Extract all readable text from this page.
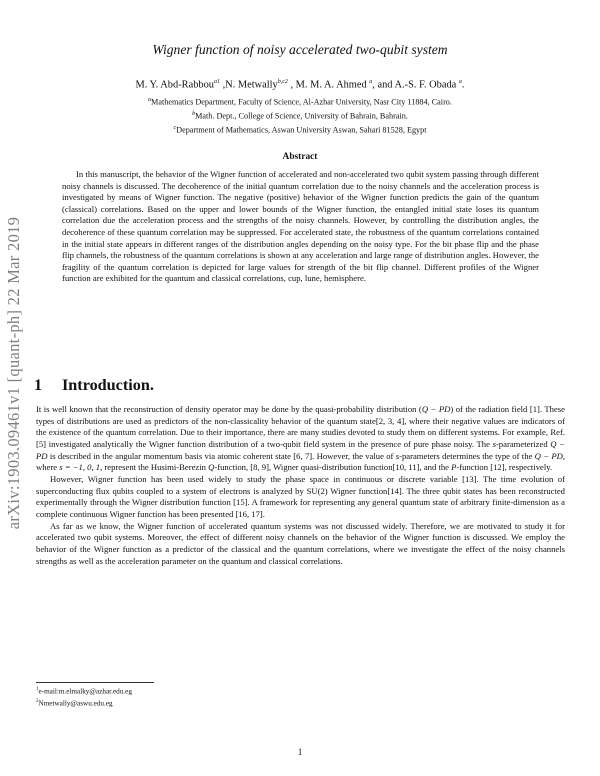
arXiv:1903.09461v1 [quant-ph] 22 Mar 2019
Wigner function of noisy accelerated two-qubit system
M. Y. Abd-Rabbou$^{a1}$ ,N. Metwally$^{b,c2}$ , M. M. A. Ahmed $^a$, and A.-S. F. Obada $^a$.
$^a$Mathematics Department, Faculty of Science, Al-Azhar University, Nasr City 11884, Cairo.
$^b$Math. Dept., College of Science, University of Bahrain, Bahrain.
$^c$Department of Mathematics, Aswan University Aswan, Sahari 81528, Egypt
Abstract
In this manuscript, the behavior of the Wigner function of accelerated and non-accelerated two qubit system passing through different noisy channels is discussed. The decoherence of the initial quantum correlation due to the noisy channels and the acceleration process is investigated by means of Wigner function. The negative (positive) behavior of the Wigner function predicts the gain of the quantum (classical) correlations. Based on the upper and lower bounds of the Wigner function, the entangled initial state loses its quantum correlation due the acceleration process and the strengths of the noisy channels. However, by controlling the distribution angles, the decoherence of these quantum correlation may be suppressed. For accelerated state, the robustness of the quantum correlations contained in the initial state appears in different ranges of the distribution angles depending on the noisy type. For the bit phase flip and the phase flip channels, the robustness of the quantum correlations is shown at any acceleration and large range of distribution angles. However, the fragility of the quantum correlation is depicted for large values for strength of the bit flip channel. Different profiles of the Wigner function are exhibited for the quantum and classical correlations, cup, lune, hemisphere.
1 Introduction.

It is well known that the reconstruction of density operator may be done by the quasi-probability distribution (Q − PD) of the radiation field [1]. These types of distributions are used as predictors of the non-classicality behavior of the quantum state[2, 3, 4], where their negative values are indicators of the existence of the quantum correlation. Due to their importance, there are many studies devoted to study them on different systems. For example, Ref. [5] investigated analytically the Wigner function distribution of a two-qubit field system in the presence of pure phase noisy. The s-parameterized Q − PD is described in the angular momentum basis via atomic coherent state [6, 7]. However, the value of s-parameters determines the type of the Q − PD, where s = −1, 0, 1, represent the Husimi-Berezin Q-function, [8, 9], Wigner quasi-distribution function[10, 11], and the P-function [12], respectively.

However, Wigner function has been used widely to study the phase space in continuous or discrete variable [13]. The time evolution of superconducting flux qubits coupled to a system of electrons is analyzed by SU(2) Wigner function[14]. The three qubit states has been reconstructed experimentally through the Wigner distribution function [15]. A framework for representing any general quantum state of arbitrary finite-dimension as a complete continuous Wigner function has been presented [16, 17].

As far as we know, the Wigner function of accelerated quantum systems was not discussed widely. Therefore, we are motivated to study it for accelerated two qubit systems. Moreover, the effect of different noisy channels on the behavior of the Wigner function is discussed. We employ the behavior of the Wigner function as a predictor of the classical and the quantum correlations, where we investigate the effect of the noisy channels strengths as well as the acceleration parameter on the quantum and classical correlations.

$^1$e-mail:m.elmalky@azhar.edu.eg
$^2$Nmetwally@aswu.edu.eg
1
